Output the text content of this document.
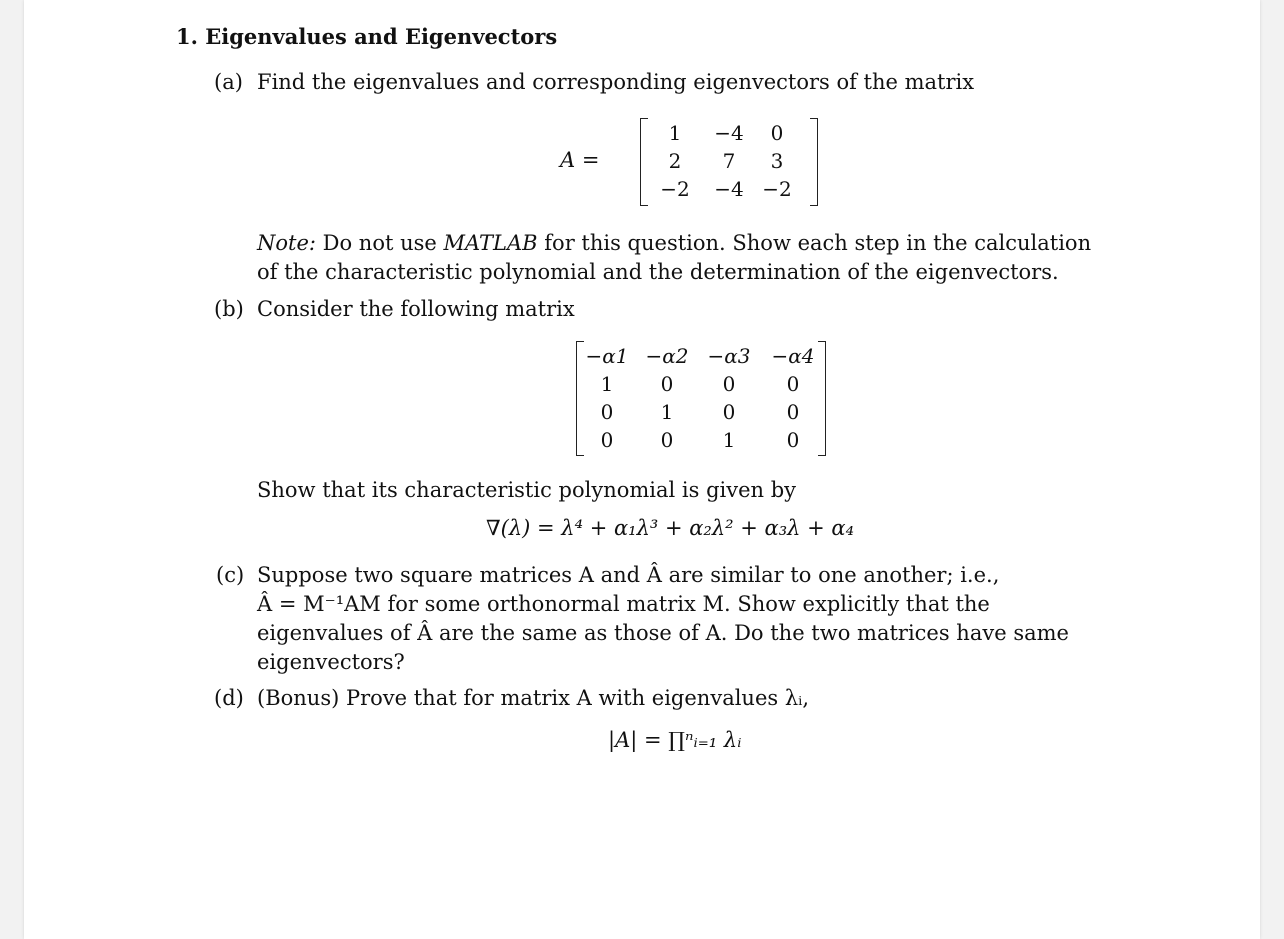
1. Eigenvalues and Eigenvectors
(a) Find the eigenvalues and corresponding eigenvectors of the matrix
A =
1	−4	0
2	7	3
−2	−4 −2
Note: Do not use MATLAB for this question. Show each step in the calculation
of the characteristic polynomial and the determination of the eigenvectors.
(b) Consider the following matrix
−α1 −α2 −α3 −α4
1	0	0	0
0	1	0	0
0	0	1	0
Show that its characteristic polynomial is given by
∇(λ) = λ⁴ + α₁λ³ + α₂λ² + α₃λ + α₄
(c) Suppose two square matrices A and Â are similar to one another; i.e.,
Â = M⁻¹AM for some orthonormal matrix M. Show explicitly that the
eigenvalues of Â are the same as those of A. Do the two matrices have same
eigenvectors?
(d) (Bonus) Prove that for matrix A with eigenvalues λᵢ,
|A| = ∏ⁿᵢ₌₁ λᵢ
